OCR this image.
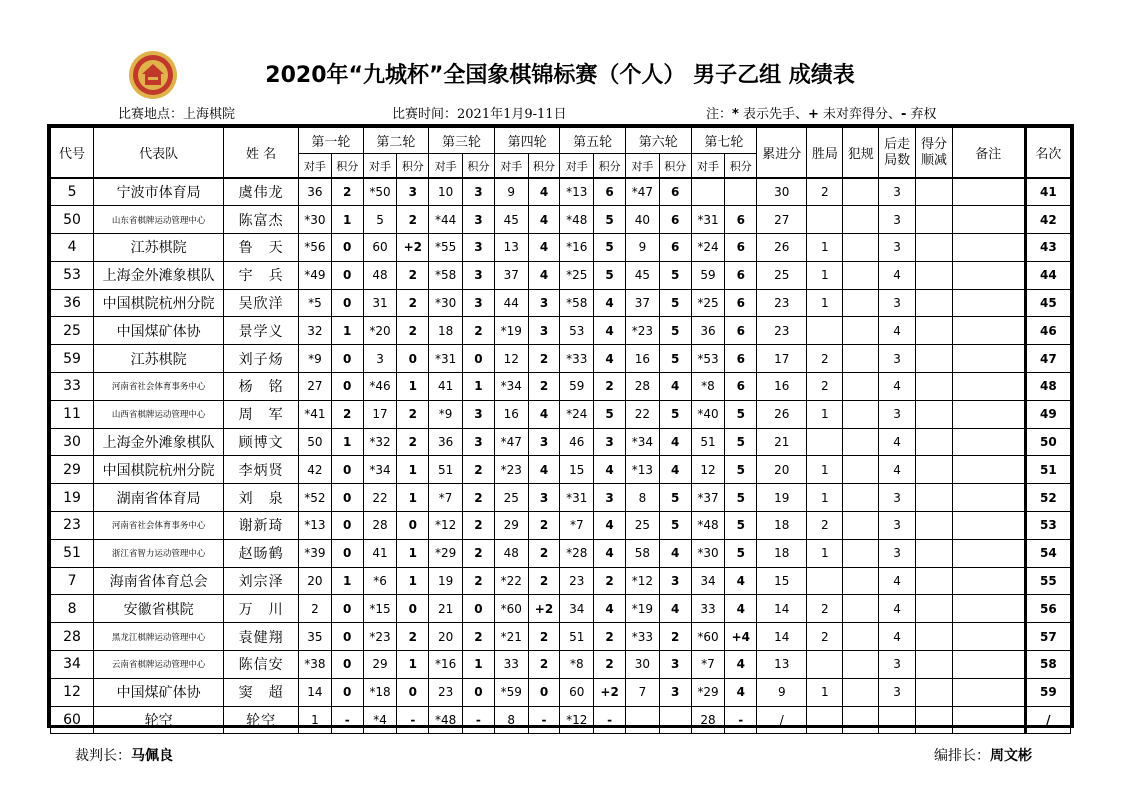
2020年“九城杯”全国象棋锦标赛（个人） 男子乙组 成绩表
比赛地点：上海棋院	比赛时间：2021年1月9-11日	注：* 表示先手、+ 未对弈得分、- 弃权
代号	代表队	姓 名	第一轮		第二轮		第三轮		第四轮		第五轮		第六轮		第七轮		累进分	胜局	犯规	后走局数	得分顺减	备注	名次
			对手	积分	对手	积分	对手	积分	对手	积分	对手	积分	对手	积分	对手	积分							
5	宁波市体育局	虞伟龙	36	2	*50	3	10	3	9	4	*13	6	*47	6			30	2		3			41
50	山东省棋牌运动管理中心	陈富杰	*30	1	5	2	*44	3	45	4	*48	5	40	6	*31	6	27			3			42
4	江苏棋院	鲁　天	*56	0	60	+2	*55	3	13	4	*16	5	9	6	*24	6	26	1		3			43
53	上海金外滩象棋队	宇　兵	*49	0	48	2	*58	3	37	4	*25	5	45	5	59	6	25	1		4			44
36	中国棋院杭州分院	吴欣洋	*5	0	31	2	*30	3	44	3	*58	4	37	5	*25	6	23	1		3			45
25	中国煤矿体协	景学义	32	1	*20	2	18	2	*19	3	53	4	*23	5	36	6	23			4			46
59	江苏棋院	刘子炀	*9	0	3	0	*31	0	12	2	*33	4	16	5	*53	6	17	2		3			47
33	河南省社会体育事务中心	杨　铭	27	0	*46	1	41	1	*34	2	59	2	28	4	*8	6	16	2		4			48
11	山西省棋牌运动管理中心	周　军	*41	2	17	2	*9	3	16	4	*24	5	22	5	*40	5	26	1		3			49
30	上海金外滩象棋队	顾博文	50	1	*32	2	36	3	*47	3	46	3	*34	4	51	5	21			4			50
29	中国棋院杭州分院	李炳贤	42	0	*34	1	51	2	*23	4	15	4	*13	4	12	5	20	1		4			51
19	湖南省体育局	刘　泉	*52	0	22	1	*7	2	25	3	*31	3	8	5	*37	5	19	1		3			52
23	河南省社会体育事务中心	谢新琦	*13	0	28	0	*12	2	29	2	*7	4	25	5	*48	5	18	2		3			53
51	浙江省智力运动管理中心	赵旸鹤	*39	0	41	1	*29	2	48	2	*28	4	58	4	*30	5	18	1		3			54
7	海南省体育总会	刘宗泽	20	1	*6	1	19	2	*22	2	23	2	*12	3	34	4	15			4			55
8	安徽省棋院	万　川	2	0	*15	0	21	0	*60	+2	34	4	*19	4	33	4	14	2		4			56
28	黑龙江棋牌运动管理中心	袁健翔	35	0	*23	2	20	2	*21	2	51	2	*33	2	*60	+4	14	2		4			57
34	云南省棋牌运动管理中心	陈信安	*38	0	29	1	*16	1	33	2	*8	2	30	3	*7	4	13			3			58
12	中国煤矿体协	窦　超	14	0	*18	0	23	0	*59	0	60	+2	7	3	*29	4	9	1		3			59
60	轮空	轮空	1	-	*4	-	*48	-	8	-	*12	-			28	-	/						/
裁判长：马佩良	编排长：周文彬
